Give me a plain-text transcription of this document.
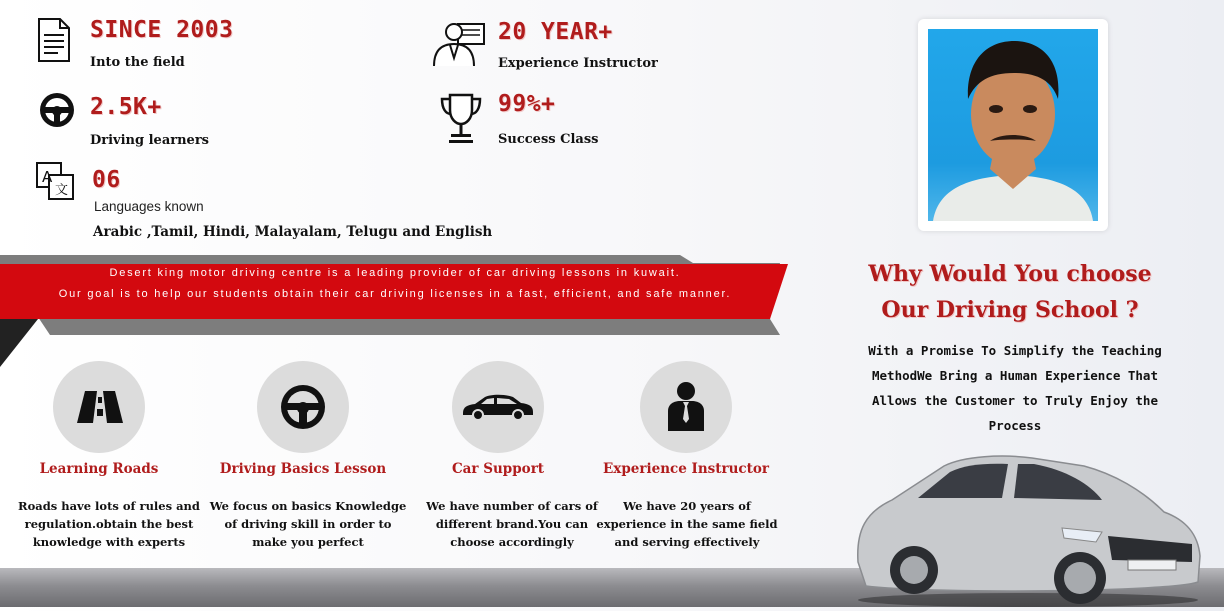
SINCE 2003
Into the field
20 YEAR+
Experience Instructor
2.5K+
Driving learners
99%+
Success Class
A
文 06
Languages known
Arabic ,Tamil, Hindi, Malayalam, Telugu and English
Desert king motor driving centre is a leading provider of car driving lessons in kuwait.
Our goal is to help our students obtain their car driving licenses in a fast, efficient, and safe manner.
Learning Roads
Roads have lots of rules and
regulation.obtain the best
knowledge with experts
Driving Basics Lesson
We focus on basics Knowledge
of driving skill in order to
make you perfect
Car Support
We have number of cars of
different brand.You can
choose accordingly
Experience Instructor
We have 20 years of
experience in the same field
and serving effectively
Why Would You choose
Our Driving School ?
With a Promise To Simplify the Teaching
MethodWe Bring a Human Experience That
Allows the Customer to Truly Enjoy the
Process
